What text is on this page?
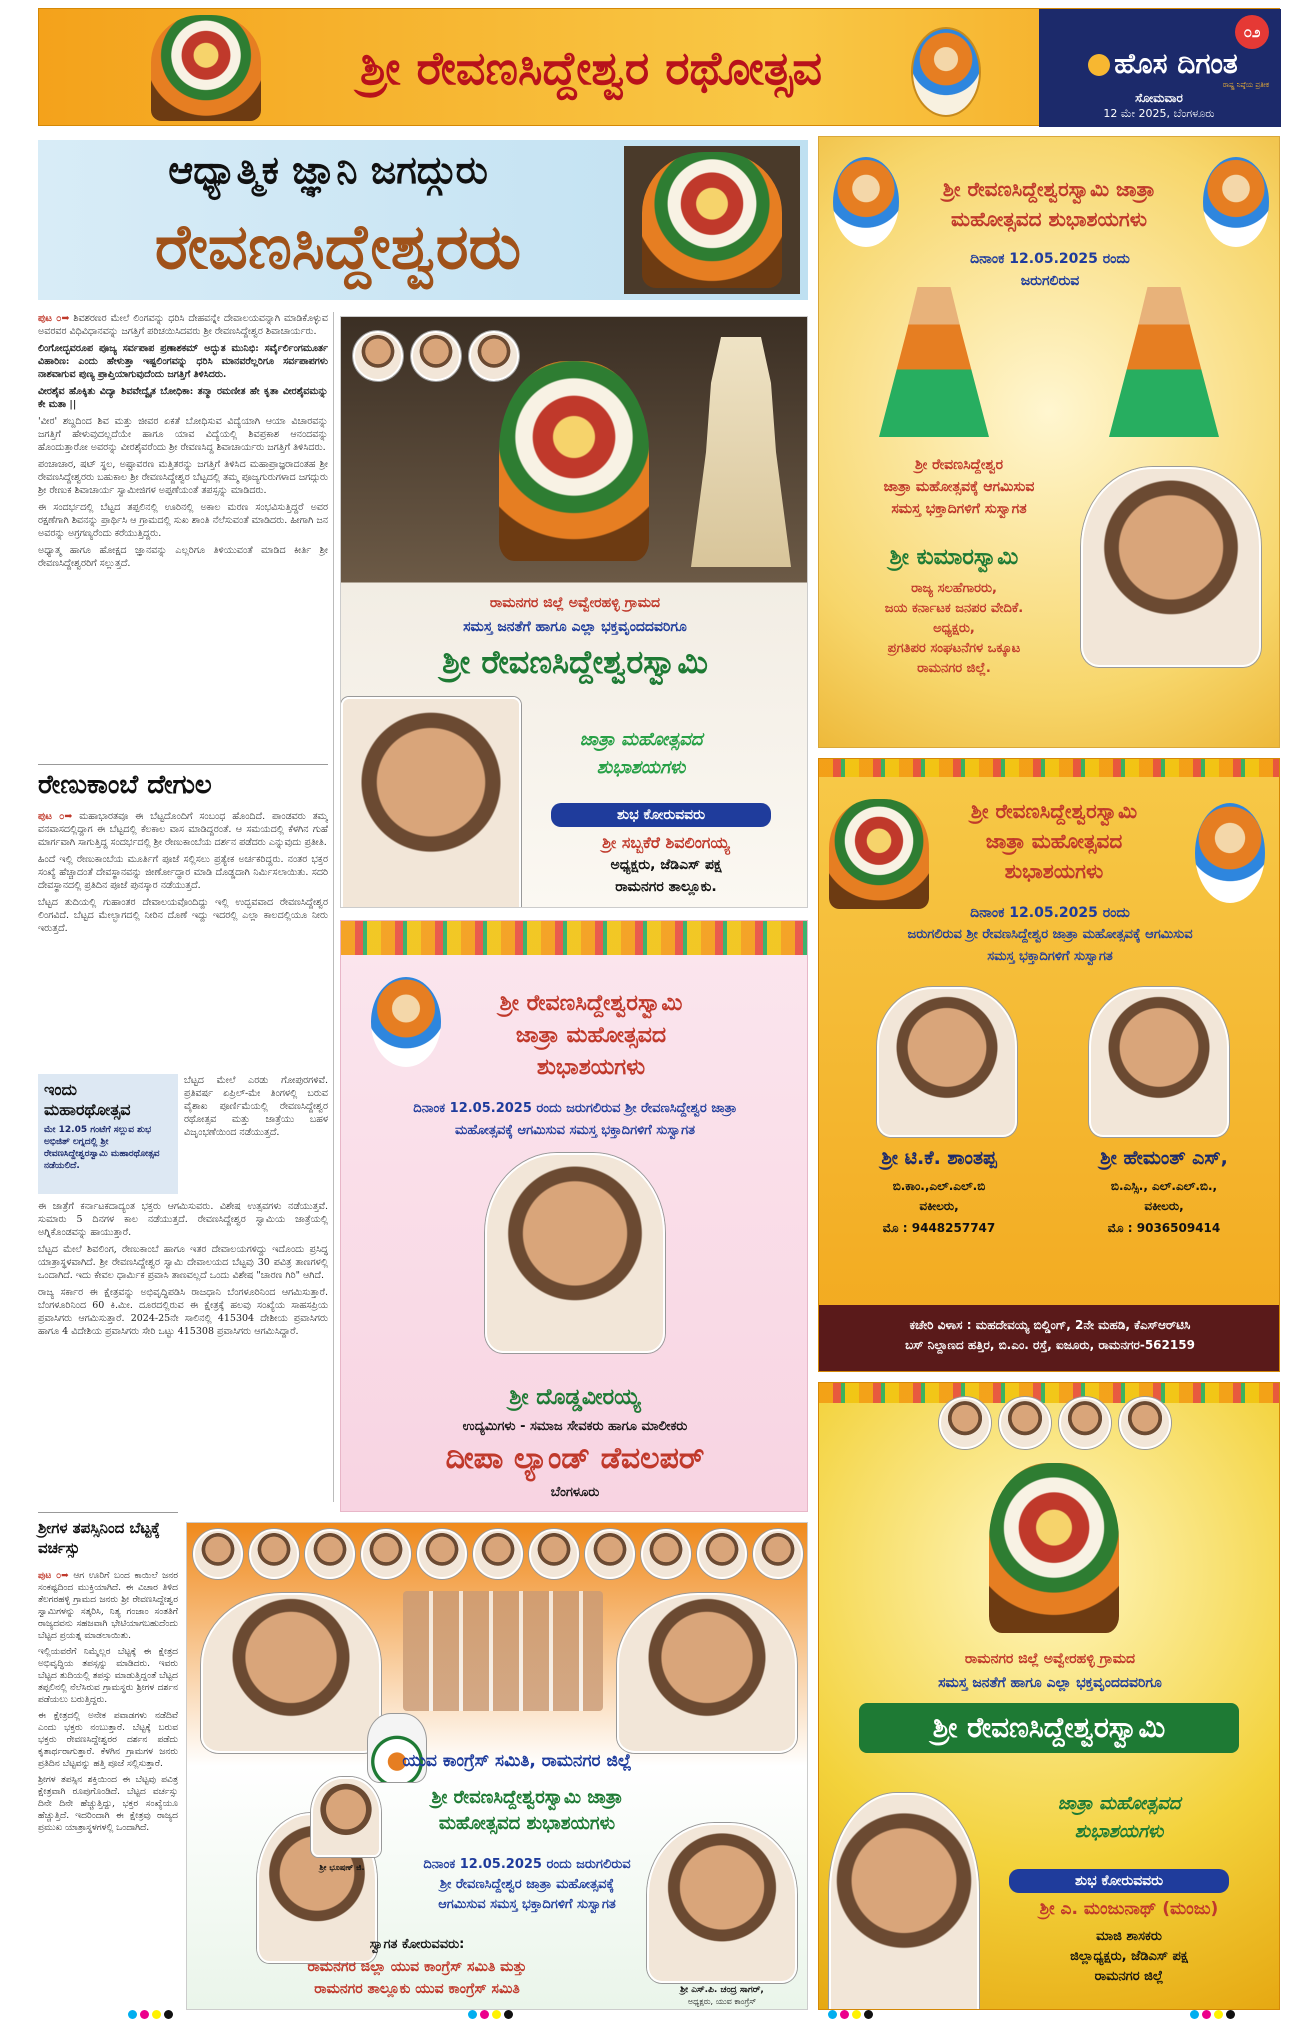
ಶ್ರೀ ರೇವಣಸಿದ್ದೇಶ್ವರ ರಥೋತ್ಸವ
೦೨
ಹೊಸ ದಿಗಂತ
ರಾಷ್ಟ್ರ ನಿಷ್ಠೆಯ ಪ್ರತೀಕ
ಸೋಮವಾರ
12 ಮೇ 2025, ಬೆಂಗಳೂರು
ಆಧ್ಯಾತ್ಮಿಕ ಜ್ಞಾನಿ ಜಗದ್ಗುರು
ರೇವಣಸಿದ್ದೇಶ್ವರರು

ಪುಟ ೦➡ ಶಿವಶರಣರ ಮೇಲೆ ಲಿಂಗವನ್ನು ಧರಿಸಿ ದೇಹವನ್ನೇ ದೇವಾಲಯವನ್ನಾಗಿ ಮಾಡಿಕೊಳ್ಳುವ ಅವರವರ ವಿಧಿವಿಧಾನವನ್ನು ಜಗತ್ತಿಗೆ ಪರಿಚಯಿಸಿದವರು ಶ್ರೀ ರೇವಣಸಿದ್ದೇಶ್ವರ ಶಿವಾಚಾರ್ಯರು.

ಲಿಂಗೋದ್ಭವರೂಪ ಪೂಜ್ಯ ಸರ್ವಪಾಪ ಪ್ರಣಾಶಕಮ್ ಅದ್ಭುತ ಮುನಿಭಿ: ಸರ್ವೈರ್ಲಿಂಗಮೂರ್ತ ವಿಹಾರಿಣ: ಎಂದು ಹೇಳುತ್ತಾ ಇಷ್ಟಲಿಂಗವನ್ನು ಧರಿಸಿ ಮಾನವರೆಲ್ಲರಿಗೂ ಸರ್ವಪಾಪಗಳು ನಾಶವಾಗುವ ಪುಣ್ಯ ಪ್ರಾಪ್ತಿಯಾಗುವುದೆಂದು ಜಗತ್ತಿಗೆ ತಿಳಿಸಿದರು.

ವೀರಶೈವ ಹೊಕ್ಕಿತು ವಿದ್ಯಾ ಶಿವವೇದ್ವೈತ ಬೋಧಿಕಾ: ತನ್ಮಾ ರಮಣೀತ ಹೇ ಕೃತಾ ವೀರಶೈವಮನ್ನು ಕೇ ಮತಾ ||

'ವೀರ' ಶಬ್ದದಿಂದ ಶಿವ ಮತ್ತು ಜೀವರ ಏಕತೆ ಬೋಧಿಸುವ ವಿದ್ಯೆಯಾಗಿ ಆಯಾ ವಿಚಾರವನ್ನು ಜಗತ್ತಿಗೆ ಹೇಳುವುದಲ್ಲದೆಯೇ ಹಾಗೂ ಯಾವ ವಿದ್ಯೆಯಲ್ಲಿ ಶಿವಪ್ರಕಾಶ ಆನಂದವನ್ನು ಹೊಂದುತ್ತಾರೋ ಅವರನ್ನು ವೀರಶೈವರೆಂದು ಶ್ರೀ ರೇವಣಸಿದ್ದ ಶಿವಾಚಾರ್ಯರು ಜಗತ್ತಿಗೆ ತಿಳಿಸಿದರು.

ಪಂಚಾಚಾರ, ಷಟ್ ಸ್ಥಲ, ಅಷ್ಟಾವರಣ ಮತ್ತಿತರನ್ನು ಜಗತ್ತಿಗೆ ತಿಳಿಸಿದ ಮಹಾಪ್ರಾಜ್ಞರಾದಂತಹ ಶ್ರೀ ರೇವಣಸಿದ್ದೇಶ್ವರರು ಬಹುಕಾಲ ಶ್ರೀ ರೇವಣಸಿದ್ದೇಶ್ವರ ಬೆಟ್ಟದಲ್ಲಿ ತಮ್ಮ ಪೂಜ್ಯಗುರುಗಳಾದ ಜಗದ್ಗುರು ಶ್ರೀ ರೇಣುಕ ಶಿವಾಚಾರ್ಯ ಸ್ವಾಮೀಜಿಗಳ ಅಪ್ಪಣೆಯಂತೆ ತಪಸ್ಸನ್ನು ಮಾಡಿದರು.

ಈ ಸಂದರ್ಭದಲ್ಲಿ ಬೆಟ್ಟದ ತಪ್ಪಲಿನಲ್ಲಿ ಊರಿನಲ್ಲಿ ಅಕಾಲ ಮರಣ ಸಂಭವಿಸುತ್ತಿದ್ದರೆ ಅವರ ರಕ್ಷಣೆಗಾಗಿ ಶಿವನನ್ನು ಪ್ರಾರ್ಥಿಸಿ ಆ ಗ್ರಾಮದಲ್ಲಿ ಸುಖ ಶಾಂತಿ ನೆಲೆಸುವಂತೆ ಮಾಡಿದರು. ಹೀಗಾಗಿ ಜನ ಅವರನ್ನು ಅಗ್ರಗಣ್ಯರೆಂದು ಕರೆಯುತ್ತಿದ್ದರು.

ಅಧ್ಯಾತ್ಮ ಹಾಗೂ ಹೋಕ್ಷದ ಜ್ಞಾನವನ್ನು ಎಲ್ಲರಿಗೂ ತಿಳಿಯುವಂತೆ ಮಾಡಿದ ಕೀರ್ತಿ ಶ್ರೀ ರೇವಣಸಿದ್ದೇಶ್ವರರಿಗೆ ಸಲ್ಲುತ್ತದೆ.

ರೇಣುಕಾಂಬೆ ದೇಗುಲ

ಪುಟ ೦➡ ಮಹಾಭಾರತವೂ ಈ ಬೆಟ್ಟದೊಂದಿಗೆ ಸಂಬಂಧ ಹೊಂದಿದೆ. ಪಾಂಡವರು ತಮ್ಮ ವನವಾಸದಲ್ಲಿದ್ದಾಗ ಈ ಬೆಟ್ಟದಲ್ಲಿ ಕೆಲಕಾಲ ವಾಸ ಮಾಡಿದ್ದರಂತೆ. ಆ ಸಮಯದಲ್ಲಿ ಕೆಳಗಿನ ಗುಹೆ ಮಾರ್ಗವಾಗಿ ಸಾಗುತ್ತಿದ್ದ ಸಂದರ್ಭದಲ್ಲಿ ಶ್ರೀ ರೇಣುಕಾಂಬೆಯ ದರ್ಶನ ಪಡೆದರು ಎನ್ನುವುದು ಪ್ರತೀತಿ.

ಹಿಂದೆ ಇಲ್ಲಿ ರೇಣುಕಾಂಬೆಯ ಮೂರ್ತಿಗೆ ಪೂಜೆ ಸಲ್ಲಿಸಲು ಪ್ರತ್ಯೇಕ ಅರ್ಚಕರಿದ್ದರು. ನಂತರ ಭಕ್ತರ ಸಂಖ್ಯೆ ಹೆಚ್ಚಾದಂತೆ ದೇವಸ್ಥಾನವನ್ನು ಜೀರ್ಣೋದ್ಧಾರ ಮಾಡಿ ದೊಡ್ಡದಾಗಿ ನಿರ್ಮಿಸಲಾಯಿತು. ಸದರಿ ದೇವಸ್ಥಾನದಲ್ಲಿ ಪ್ರತಿದಿನ ಪೂಜೆ ಪುನಸ್ಕಾರ ನಡೆಯುತ್ತದೆ.

ಬೆಟ್ಟದ ತುದಿಯಲ್ಲಿ ಗುಹಾಂತರ ದೇವಾಲಯವೊಂದಿದ್ದು ಇಲ್ಲಿ ಉದ್ಭವವಾದ ರೇವಣಸಿದ್ದೇಶ್ವರ ಲಿಂಗವಿದೆ. ಬೆಟ್ಟದ ಮೇಲ್ಭಾಗದಲ್ಲಿ ನೀರಿನ ದೊಣೆ ಇದ್ದು ಇದರಲ್ಲಿ ಎಲ್ಲಾ ಕಾಲದಲ್ಲಿಯೂ ನೀರು ಇರುತ್ತದೆ.

ಇಂದು
ಮಹಾರಥೋತ್ಸವ
ಮೇ 12.05 ಗಂಟೆಗೆ ಸಲ್ಲುವ ಶುಭ ಅಭಿಜಿತ್ ಲಗ್ನದಲ್ಲಿ ಶ್ರೀ ರೇವಣಸಿದ್ದೇಶ್ವರಸ್ವಾಮಿ ಮಹಾರಥೋತ್ಸವ ನಡೆಯಲಿದೆ.

ಬೆಟ್ಟದ ಮೇಲೆ ಎರಡು ಗೋಪುರಗಳಿವೆ. ಪ್ರತಿವರ್ಷ ಏಪ್ರಿಲ್-ಮೇ ತಿಂಗಳಲ್ಲಿ ಬರುವ ವೈಶಾಖ ಪೂರ್ಣಿಮೆಯಲ್ಲಿ ರೇವಣಸಿದ್ದೇಶ್ವರ ರಥೋತ್ಸವ ಮತ್ತು ಜಾತ್ರೆಯು ಬಹಳ ವಿಜೃಂಭಣೆಯಿಂದ ನಡೆಯುತ್ತದೆ.

ಈ ಜಾತ್ರೆಗೆ ಕರ್ನಾಟಕದಾದ್ಯಂತ ಭಕ್ತರು ಆಗಮಿಸುವರು. ವಿಶೇಷ ಉತ್ಸವಗಳು ನಡೆಯುತ್ತವೆ. ಸುಮಾರು 5 ದಿನಗಳ ಕಾಲ ನಡೆಯುತ್ತದೆ. ರೇವಣಸಿದ್ದೇಶ್ವರ ಸ್ವಾಮಿಯ ಜಾತ್ರೆಯಲ್ಲಿ ಅಗ್ನಿಕೊಂಡವನ್ನು ಹಾಯುತ್ತಾರೆ.

ಬೆಟ್ಟದ ಮೇಲೆ ಶಿವಲಿಂಗ, ರೇಣುಕಾಂಬೆ ಹಾಗೂ ಇತರ ದೇವಾಲಯಗಳಿದ್ದು ಇದೊಂದು ಪ್ರಸಿದ್ಧ ಯಾತ್ರಾಸ್ಥಳವಾಗಿದೆ. ಶ್ರೀ ರೇವಣಸಿದ್ದೇಶ್ವರ ಸ್ವಾಮಿ ದೇವಾಲಯದ ಬೆಟ್ಟವು 30 ಪವಿತ್ರ ತಾಣಗಳಲ್ಲಿ ಒಂದಾಗಿದೆ. ಇದು ಕೇವಲ ಧಾರ್ಮಿಕ ಪ್ರವಾಸಿ ತಾಣವಲ್ಲದೆ ಒಂದು ವಿಶೇಷ "ಚಾರಣ ಗಿರಿ" ಆಗಿದೆ.

ರಾಜ್ಯ ಸರ್ಕಾರ ಈ ಕ್ಷೇತ್ರವನ್ನು ಅಭಿವೃದ್ಧಿಪಡಿಸಿ ರಾಜಧಾನಿ ಬೆಂಗಳೂರಿನಿಂದ ಆಗಮಿಸುತ್ತಾರೆ. ಬೆಂಗಳೂರಿನಿಂದ 60 ಕಿ.ಮೀ. ದೂರದಲ್ಲಿರುವ ಈ ಕ್ಷೇತ್ರಕ್ಕೆ ಹಲವು ಸಂಖ್ಯೆಯ ಸಾಹಸಪ್ರಿಯ ಪ್ರವಾಸಿಗರು ಆಗಮಿಸುತ್ತಾರೆ. 2024-25ನೇ ಸಾಲಿನಲ್ಲಿ 415304 ದೇಶೀಯ ಪ್ರವಾಸಿಗರು ಹಾಗೂ 4 ವಿದೇಶಿಯ ಪ್ರವಾಸಿಗರು ಸೇರಿ ಒಟ್ಟು 415308 ಪ್ರವಾಸಿಗರು ಆಗಮಿಸಿದ್ದಾರೆ.

ಶ್ರೀಗಳ ತಪಸ್ಸಿನಿಂದ ಬೆಟ್ಟಕ್ಕೆ ವರ್ಚಸ್ಸು

ಪುಟ ೦➡ ಆಗ ಊರಿಗೆ ಬಂದ ಕಾಯಿಲೆ ಜನರ ಸಂಕಷ್ಟದಿಂದ ಮುಕ್ತಿಯಾಗಿದೆ. ಈ ವಿಚಾರ ತಿಳಿದ ತೆಲಗರಹಳ್ಳಿ ಗ್ರಾಮದ ಜನರು ಶ್ರೀ ರೇವಣಸಿದ್ದೇಶ್ವರ ಸ್ವಾಮಿಗಳನ್ನು ಸತ್ಕರಿಸಿ, ನಿತ್ಯ ಗಂಜಾಂ ಸಂತತಿಗೆ ರಾಜ್ಯದವನು ಸಹಜವಾಗಿ ಭೇಟಿಯಾಗಬಹುದೆಂದು ಬೆಟ್ಟದ ಪ್ರಯತ್ನ ಮಾಡಲಾಯಿತು.

ಇಲ್ಲಿಯವರೆಗೆ ನಿಮ್ಮೆಲ್ಲರ ಬೆಟ್ಟಕ್ಕೆ ಈ ಕ್ಷೇತ್ರದ ಅಭಿವೃದ್ಧಿಯ ತಪಸ್ಸನ್ನು ಮಾಡಿದರು. ಇವರು ಬೆಟ್ಟದ ತುದಿಯಲ್ಲಿ ತಪಸ್ಸು ಮಾಡುತ್ತಿದ್ದಂತೆ ಬೆಟ್ಟದ ತಪ್ಪಲಿನಲ್ಲಿ ನೆಲೆಸಿರುವ ಗ್ರಾಮಸ್ಥರು ಶ್ರೀಗಳ ದರ್ಶನ ಪಡೆಯಲು ಬರುತ್ತಿದ್ದರು.

ಈ ಕ್ಷೇತ್ರದಲ್ಲಿ ಅನೇಕ ಪವಾಡಗಳು ನಡೆದಿವೆ ಎಂದು ಭಕ್ತರು ನಂಬುತ್ತಾರೆ. ಬೆಟ್ಟಕ್ಕೆ ಬರುವ ಭಕ್ತರು ರೇವಣಸಿದ್ದೇಶ್ವರರ ದರ್ಶನ ಪಡೆದು ಕೃತಾರ್ಥರಾಗುತ್ತಾರೆ. ಕೆಳಗಿನ ಗ್ರಾಮಗಳ ಜನರು ಪ್ರತಿದಿನ ಬೆಟ್ಟವನ್ನು ಹತ್ತಿ ಪೂಜೆ ಸಲ್ಲಿಸುತ್ತಾರೆ.

ಶ್ರೀಗಳ ತಪಸ್ಸಿನ ಶಕ್ತಿಯಿಂದ ಈ ಬೆಟ್ಟವು ಪವಿತ್ರ ಕ್ಷೇತ್ರವಾಗಿ ರೂಪುಗೊಂಡಿದೆ. ಬೆಟ್ಟದ ವರ್ಚಸ್ಸು ದಿನೇ ದಿನೇ ಹೆಚ್ಚುತ್ತಿದ್ದು, ಭಕ್ತರ ಸಂಖ್ಯೆಯೂ ಹೆಚ್ಚುತ್ತಿದೆ. ಇದರಿಂದಾಗಿ ಈ ಕ್ಷೇತ್ರವು ರಾಜ್ಯದ ಪ್ರಮುಖ ಯಾತ್ರಾಸ್ಥಳಗಳಲ್ಲಿ ಒಂದಾಗಿದೆ.

ರಾಮನಗರ ಜಿಲ್ಲೆ ಅವ್ವೇರಹಳ್ಳಿ ಗ್ರಾಮದ
ಸಮಸ್ತ ಜನತೆಗೆ ಹಾಗೂ ಎಲ್ಲಾ ಭಕ್ತವೃಂದದವರಿಗೂ
ಶ್ರೀ ರೇವಣಸಿದ್ದೇಶ್ವರಸ್ವಾಮಿ
ಜಾತ್ರಾ ಮಹೋತ್ಸವದ
ಶುಭಾಶಯಗಳು
ಶುಭ ಕೋರುವವರು
ಶ್ರೀ ಸಬ್ಬಕೆರೆ ಶಿವಲಿಂಗಯ್ಯ
ಅಧ್ಯಕ್ಷರು, ಜೆಡಿಎಸ್ ಪಕ್ಷ
ರಾಮನಗರ ತಾಲ್ಲೂಕು.
ಶ್ರೀ ರೇವಣಸಿದ್ದೇಶ್ವರಸ್ವಾಮಿ ಜಾತ್ರಾ
ಮಹೋತ್ಸವದ ಶುಭಾಶಯಗಳು
ದಿನಾಂಕ 12.05.2025 ರಂದು
ಜರುಗಲಿರುವ
ಶ್ರೀ ರೇವಣಸಿದ್ದೇಶ್ವರ
ಜಾತ್ರಾ ಮಹೋತ್ಸವಕ್ಕೆ ಆಗಮಿಸುವ
ಸಮಸ್ತ ಭಕ್ತಾದಿಗಳಿಗೆ ಸುಸ್ವಾಗತ
ಶ್ರೀ ಕುಮಾರಸ್ವಾಮಿ
ರಾಜ್ಯ ಸಲಹೆಗಾರರು,
ಜಯ ಕರ್ನಾಟಕ ಜನಪರ ವೇದಿಕೆ.
ಅಧ್ಯಕ್ಷರು,
ಪ್ರಗತಿಪರ ಸಂಘಟನೆಗಳ ಒಕ್ಕೂಟ
ರಾಮನಗರ ಜಿಲ್ಲೆ.
ಶ್ರೀ ರೇವಣಸಿದ್ದೇಶ್ವರಸ್ವಾಮಿ
ಜಾತ್ರಾ ಮಹೋತ್ಸವದ
ಶುಭಾಶಯಗಳು
ದಿನಾಂಕ 12.05.2025 ರಂದು ಜರುಗಲಿರುವ ಶ್ರೀ ರೇವಣಸಿದ್ದೇಶ್ವರ ಜಾತ್ರಾ
ಮಹೋತ್ಸವಕ್ಕೆ ಆಗಮಿಸುವ ಸಮಸ್ತ ಭಕ್ತಾದಿಗಳಿಗೆ ಸುಸ್ವಾಗತ
ಶ್ರೀ ದೊಡ್ಡವೀರಯ್ಯ
ಉದ್ಯಮಿಗಳು - ಸಮಾಜ ಸೇವಕರು ಹಾಗೂ ಮಾಲೀಕರು
ದೀಪಾ ಲ್ಯಾಂಡ್ ಡೆವಲಪರ್
ಬೆಂಗಳೂರು
ಶ್ರೀ ರೇವಣಸಿದ್ದೇಶ್ವರಸ್ವಾಮಿ
ಜಾತ್ರಾ ಮಹೋತ್ಸವದ
ಶುಭಾಶಯಗಳು
ದಿನಾಂಕ 12.05.2025 ರಂದು
ಜರುಗಲಿರುವ ಶ್ರೀ ರೇವಣಸಿದ್ದೇಶ್ವರ ಜಾತ್ರಾ ಮಹೋತ್ಸವಕ್ಕೆ ಆಗಮಿಸುವ
ಸಮಸ್ತ ಭಕ್ತಾದಿಗಳಿಗೆ ಸುಸ್ವಾಗತ
ಶ್ರೀ ಟಿ.ಕೆ. ಶಾಂತಪ್ಪ
ಬಿ.ಕಾಂ.,ಎಲ್.ಎಲ್.ಬಿ
ವಕೀಲರು,
ಮೊ : 9448257747
ಶ್ರೀ ಹೇಮಂತ್ ಎಸ್,
ಬಿ.ಎಸ್ಸಿ., ಎಲ್.ಎಲ್.ಬಿ.,
ವಕೀಲರು,
ಮೊ : 9036509414
ಕಚೇರಿ ವಿಳಾಸ : ಮಹದೇವಯ್ಯ ಬಿಲ್ಡಿಂಗ್, 2ನೇ ಮಹಡಿ, ಕೆಎಸ್ಆರ್‌ಟಿಸಿ
ಬಸ್ ನಿಲ್ದಾಣದ ಹತ್ತಿರ, ಬಿ.ಎಂ. ರಸ್ತೆ, ಐಜೂರು, ರಾಮನಗರ-562159
ಯುವ ಕಾಂಗ್ರೆಸ್ ಸಮಿತಿ, ರಾಮನಗರ ಜಿಲ್ಲೆ
ಶ್ರೀ ಭೂಷಣ್ ಜಿ.
ಶ್ರೀ ರೇವಣಸಿದ್ದೇಶ್ವರಸ್ವಾಮಿ ಜಾತ್ರಾ
ಮಹೋತ್ಸವದ ಶುಭಾಶಯಗಳು
ದಿನಾಂಕ 12.05.2025 ರಂದು ಜರುಗಲಿರುವ
ಶ್ರೀ ರೇವಣಸಿದ್ದೇಶ್ವರ ಜಾತ್ರಾ ಮಹೋತ್ಸವಕ್ಕೆ
ಆಗಮಿಸುವ ಸಮಸ್ತ ಭಕ್ತಾದಿಗಳಿಗೆ ಸುಸ್ವಾಗತ
ಶ್ರೀ ಎಸ್.ಪಿ. ಚಂದ್ರ ಸಾಗರ್,
ಅಧ್ಯಕ್ಷರು, ಯುವ ಕಾಂಗ್ರೆಸ್
ಸ್ವಾಗತ ಕೋರುವವರು:
ರಾಮನಗರ ಜಿಲ್ಲಾ ಯುವ ಕಾಂಗ್ರೆಸ್ ಸಮಿತಿ ಮತ್ತು
ರಾಮನಗರ ತಾಲ್ಲೂಕು ಯುವ ಕಾಂಗ್ರೆಸ್ ಸಮಿತಿ
ರಾಮನಗರ ಜಿಲ್ಲೆ ಅವ್ವೇರಹಳ್ಳಿ ಗ್ರಾಮದ
ಸಮಸ್ತ ಜನತೆಗೆ ಹಾಗೂ ಎಲ್ಲಾ ಭಕ್ತವೃಂದದವರಿಗೂ
ಶ್ರೀ ರೇವಣಸಿದ್ದೇಶ್ವರಸ್ವಾಮಿ
ಜಾತ್ರಾ ಮಹೋತ್ಸವದ
ಶುಭಾಶಯಗಳು
ಶುಭ ಕೋರುವವರು
ಶ್ರೀ ಎ. ಮಂಜುನಾಥ್ (ಮಂಜು)
ಮಾಜಿ ಶಾಸಕರು
ಜಿಲ್ಲಾಧ್ಯಕ್ಷರು, ಜೆಡಿಎಸ್ ಪಕ್ಷ
ರಾಮನಗರ ಜಿಲ್ಲೆ
